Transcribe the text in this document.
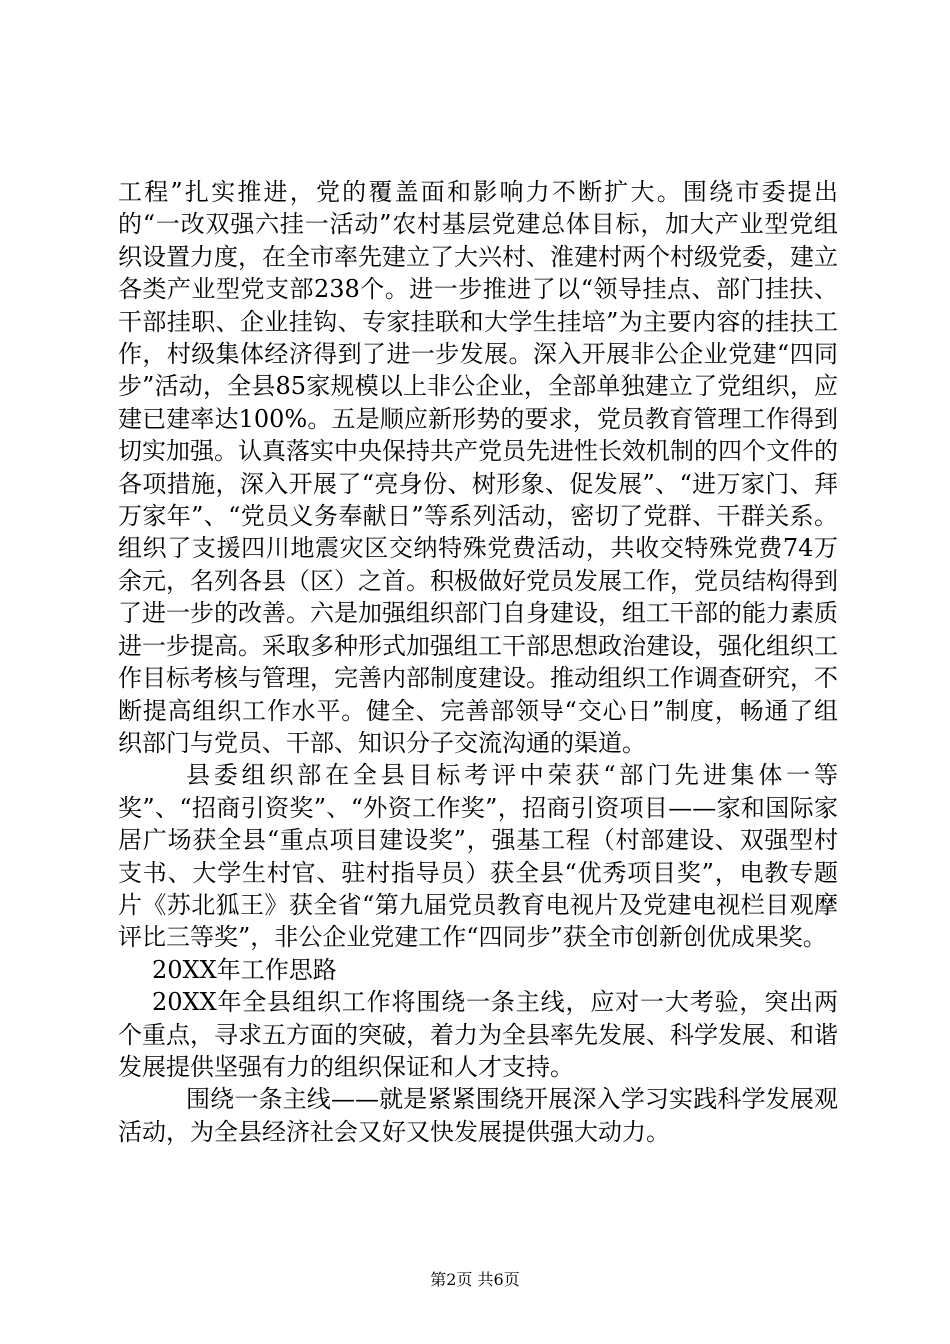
工程”扎实推进，党的覆盖面和影响力不断扩大。围绕市委提出的“一改双强六挂一活动”农村基层党建总体目标，加大产业型党组织设置力度，在全市率先建立了大兴村、淮建村两个村级党委，建立各类产业型党支部238个。进一步推进了以“领导挂点、部门挂扶、干部挂职、企业挂钩、专家挂联和大学生挂培”为主要内容的挂扶工作，村级集体经济得到了进一步发展。深入开展非公企业党建“四同步”活动，全县85家规模以上非公企业，全部单独建立了党组织，应建已建率达100%。五是顺应新形势的要求，党员教育管理工作得到切实加强。认真落实中央保持共产党员先进性长效机制的四个文件的各项措施，深入开展了“亮身份、树形象、促发展”、“进万家门、拜万家年”、“党员义务奉献日”等系列活动，密切了党群、干群关系。组织了支援四川地震灾区交纳特殊党费活动，共收交特殊党费74万余元，名列各县（区）之首。积极做好党员发展工作，党员结构得到了进一步的改善。六是加强组织部门自身建设，组工干部的能力素质进一步提高。采取多种形式加强组工干部思想政治建设，强化组织工作目标考核与管理，完善内部制度建设。推动组织工作调查研究，不断提高组织工作水平。健全、完善部领导“交心日”制度，畅通了组织部门与党员、干部、知识分子交流沟通的渠道。

县委组织部在全县目标考评中荣获“部门先进集体一等奖”、“招商引资奖”、“外资工作奖”，招商引资项目——家和国际家居广场获全县“重点项目建设奖”，强基工程（村部建设、双强型村支书、大学生村官、驻村指导员）获全县“优秀项目奖”，电教专题片《苏北狐王》获全省“第九届党员教育电视片及党建电视栏目观摩评比三等奖”，非公企业党建工作“四同步”获全市创新创优成果奖。

20XX年工作思路

20XX年全县组织工作将围绕一条主线，应对一大考验，突出两个重点，寻求五方面的突破，着力为全县率先发展、科学发展、和谐发展提供坚强有力的组织保证和人才支持。

围绕一条主线——就是紧紧围绕开展深入学习实践科学发展观活动，为全县经济社会又好又快发展提供强大动力。

第2页 共6页
